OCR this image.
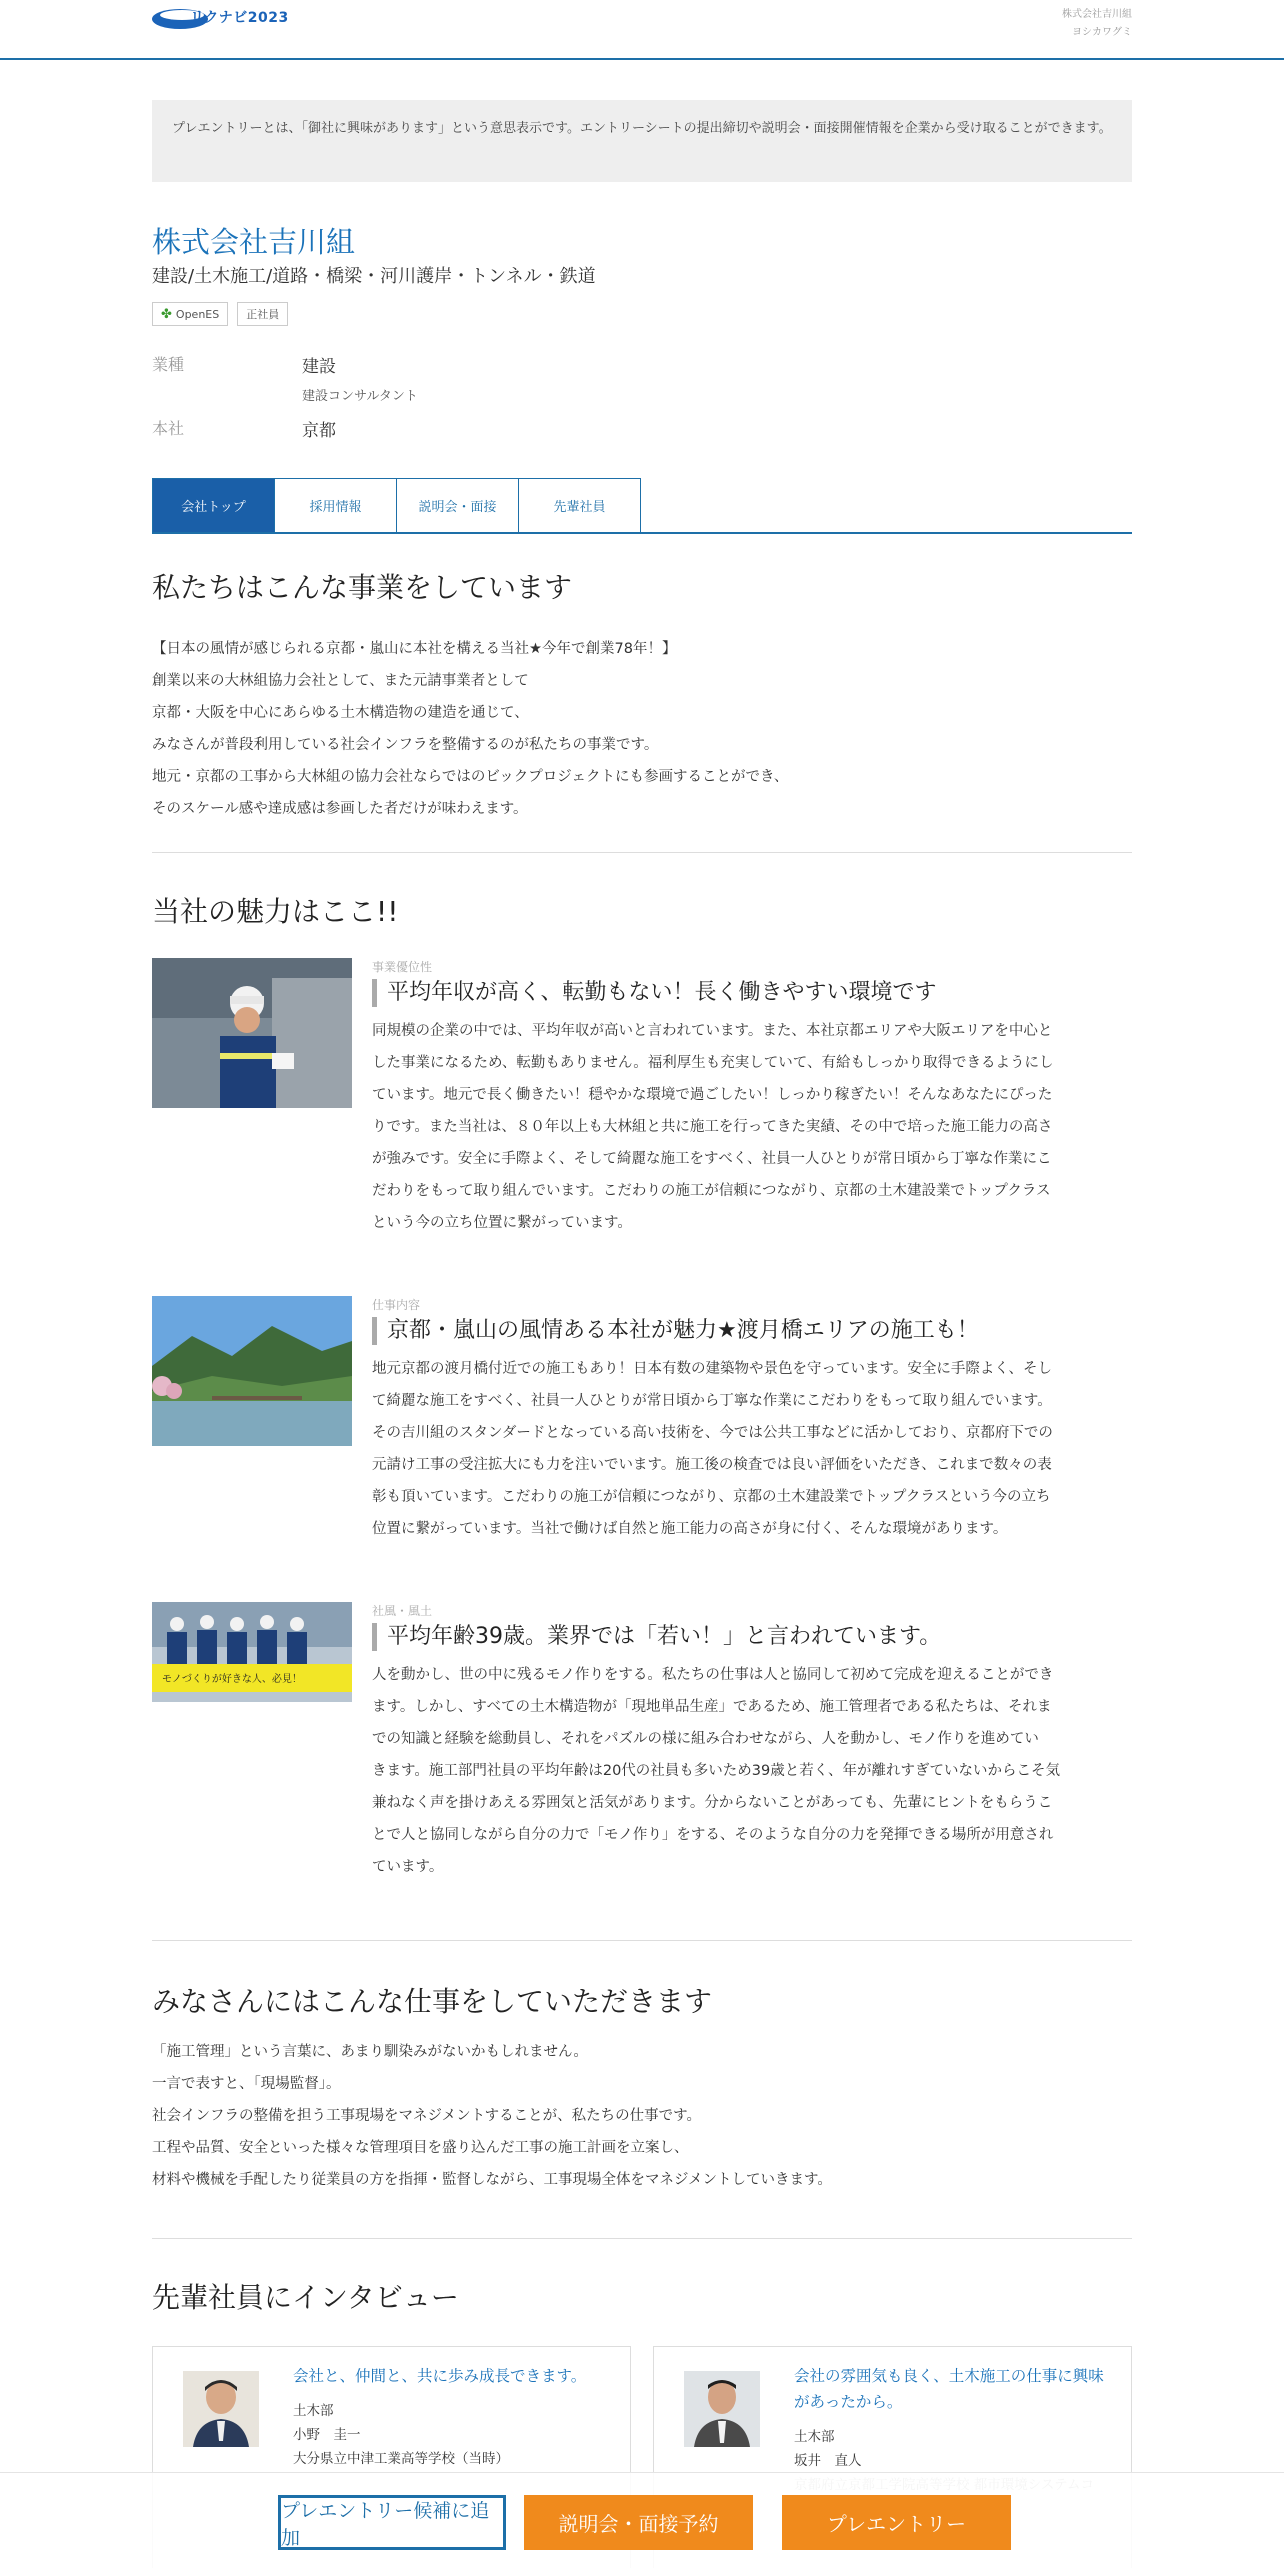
リクナビ2023	株式会社吉川組
ヨシカワグミ
プレエントリーとは、「御社に興味があります」という意思表示です。エントリーシートの提出締切や説明会・面接開催情報を企業から受け取ることができます。
株式会社吉川組
建設/土木施工/道路・橋梁・河川護岸・トンネル・鉄道
✤ OpenES	正社員
業種	建設
建設コンサルタント
本社	京都
会社トップ	採用情報	説明会・面接	先輩社員
私たちはこんな事業をしています
【日本の風情が感じられる京都・嵐山に本社を構える当社★今年で創業78年！】
創業以来の大林組協力会社として、また元請事業者として
京都・大阪を中心にあらゆる土木構造物の建造を通じて、
みなさんが普段利用している社会インフラを整備するのが私たちの事業です。
地元・京都の工事から大林組の協力会社ならではのビックプロジェクトにも参画することができ、
そのスケール感や達成感は参画した者だけが味わえます。
当社の魅力はここ!!
事業優位性
平均年収が高く、転勤もない！長く働きやすい環境です
同規模の企業の中では、平均年収が高いと言われています。また、本社京都エリアや大阪エリアを中心と
した事業になるため、転勤もありません。福利厚生も充実していて、有給もしっかり取得できるようにし
ています。地元で長く働きたい！穏やかな環境で過ごしたい！しっかり稼ぎたい！そんなあなたにぴった
りです。また当社は、８０年以上も大林組と共に施工を行ってきた実績、その中で培った施工能力の高さ
が強みです。安全に手際よく、そして綺麗な施工をすべく、社員一人ひとりが常日頃から丁寧な作業にこ
だわりをもって取り組んでいます。こだわりの施工が信頼につながり、京都の土木建設業でトップクラス
という今の立ち位置に繋がっています。
仕事内容
京都・嵐山の風情ある本社が魅力★渡月橋エリアの施工も！
地元京都の渡月橋付近での施工もあり！日本有数の建築物や景色を守っています。安全に手際よく、そし
て綺麗な施工をすべく、社員一人ひとりが常日頃から丁寧な作業にこだわりをもって取り組んでいます。
その吉川組のスタンダードとなっている高い技術を、今では公共工事などに活かしており、京都府下での
元請け工事の受注拡大にも力を注いでいます。施工後の検査では良い評価をいただき、これまで数々の表
彰も頂いています。こだわりの施工が信頼につながり、京都の土木建設業でトップクラスという今の立ち
位置に繋がっています。当社で働けば自然と施工能力の高さが身に付く、そんな環境があります。
モノづくりが好きな人、必見！
社風・風土
平均年齢39歳。業界では「若い！」と言われています。
人を動かし、世の中に残るモノ作りをする。私たちの仕事は人と協同して初めて完成を迎えることができ
ます。しかし、すべての土木構造物が「現地単品生産」であるため、施工管理者である私たちは、それま
での知識と経験を総動員し、それをパズルの様に組み合わせながら、人を動かし、モノ作りを進めてい
きます。施工部門社員の平均年齢は20代の社員も多いため39歳と若く、年が離れすぎていないからこそ気
兼ねなく声を掛けあえる雰囲気と活気があります。分からないことがあっても、先輩にヒントをもらうこ
とで人と協同しながら自分の力で「モノ作り」をする、そのような自分の力を発揮できる場所が用意され
ています。
みなさんにはこんな仕事をしていただきます
「施工管理」という言葉に、あまり馴染みがないかもしれません。
一言で表すと、「現場監督」。
社会インフラの整備を担う工事現場をマネジメントすることが、私たちの仕事です。
工程や品質、安全といった様々な管理項目を盛り込んだ工事の施工計画を立案し、
材料や機械を手配したり従業員の方を指揮・監督しながら、工事現場全体をマネジメントしていきます。
先輩社員にインタビュー
会社と、仲間と、共に歩み成長できます。
土木部
小野　圭一
大分県立中津工業高等学校（当時）
会社の雰囲気も良く、土木施工の仕事に興味があったから。
土木部
坂井　直人
プレエントリー候補に追加
説明会・面接予約	プレエントリー
